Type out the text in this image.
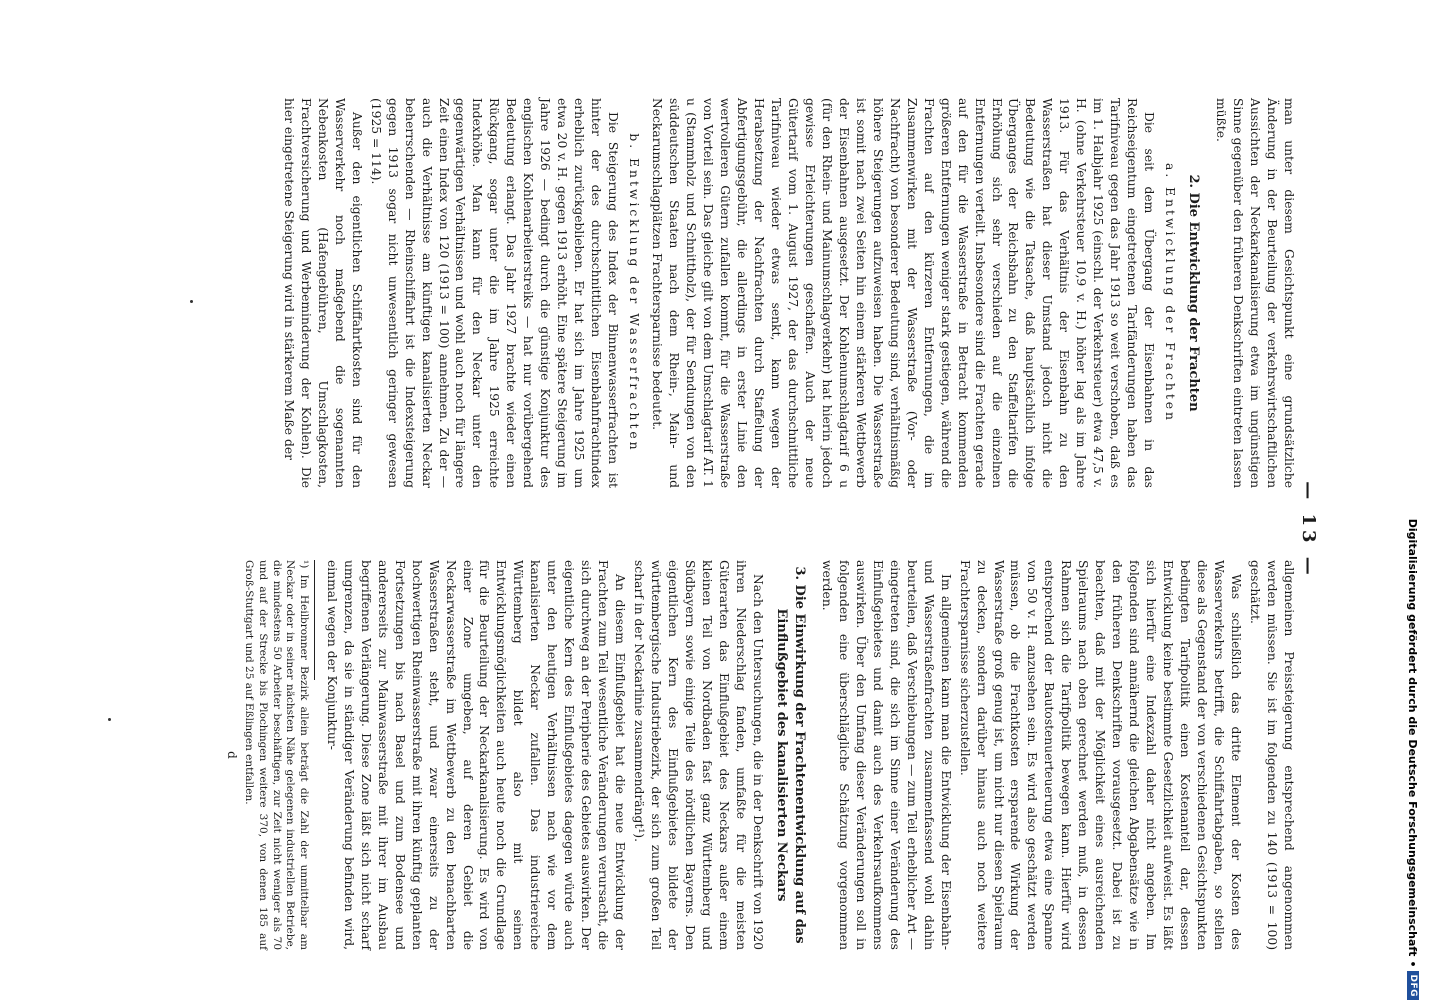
— 13 —

man unter diesem Gesichtspunkt eine grundsätzliche Änderung in der Beurteilung der verkehrswirtschaftlichen Aussichten der Neckarkanalisierung etwa im ungünstigen Sinne gegenüber den früheren Denkschriften eintreten lassen müßte.

2. Die Entwicklung der Frachten
a. Entwicklung der Frachten

Die seit dem Übergang der Eisenbahnen in das Reichseigentum eingetretenen Tarifänderungen haben das Tarifniveau gegen das Jahr 1913 so weit verschoben, daß es im 1. Halbjahr 1925 (einschl. der Verkehrsteuer) etwa 47,5 v. H. (ohne Verkehrsteuer 10,9 v. H.) höher lag als im Jahre 1913. Für das Verhältnis der Eisenbahn zu den Wasserstraßen hat dieser Umstand jedoch nicht die Bedeutung wie die Tatsache, daß hauptsächlich infolge Überganges der Reichsbahn zu den Staffeltarifen die Erhöhung sich sehr verschieden auf die einzelnen Entfernungen verteilt. Insbesondere sind die Frachten gerade auf den für die Wasserstraße in Betracht kommenden größeren Entfernungen weniger stark gestiegen, während die Frachten auf den kürzeren Entfernungen, die im Zusammenwirken mit der Wasserstraße (Vor- oder Nachfracht) von besonderer Bedeutung sind, verhältnismäßig höhere Steigerungen aufzuweisen haben. Die Wasserstraße ist somit nach zwei Seiten hin einem stärkeren Wettbewerb der Eisenbahnen ausgesetzt. Der Kohlenumschlagtarif 6 u (für den Rhein- und Mainumschlagverkehr) hat hierin jedoch gewisse Erleichterungen geschaffen. Auch der neue Gütertarif vom 1. August 1927, der das durchschnittliche Tarifniveau wieder etwas senkt, kann wegen der Herabsetzung der Nachfrachten durch Staffelung der Abfertigungsgebühr, die allerdings in erster Linie den wertvolleren Gütern zufallen kommt, für die Wasserstraße von Vorteil sein. Das gleiche gilt von dem Umschlagtarif AT. 1 u (Stammholz und Schnittholz), der für Sendungen von den süddeutschen Staaten nach dem Rhein-, Main- und Neckarumschlagplätzen Frachtersparnisse bedeutet.

b. Entwicklung der Wasserfrachten

Die Steigerung des Index der Binnenwasserfrachten ist hinter der des durchschnittlichen Eisenbahnfrachtindex erheblich zurückgeblieben. Er hat sich im Jahre 1925 um etwa 20 v. H. gegen 1913 erhöht. Eine spätere Steigerung im Jahre 1926 — bedingt durch die günstige Konjunktur des englischen Kohlenarbeiterstreiks — hat nur vorübergehend Bedeutung erlangt. Das Jahr 1927 brachte wieder einen Rückgang, sogar unter die im Jahre 1925 erreichte Indexhöhe. Man kann für den Neckar unter den gegenwärtigen Verhältnissen und wohl auch noch für längere Zeit einen Index von 120 (1913 = 100) annehmen. Zu der — auch die Verhältnisse am künftigen kanalisierten Neckar beherrschenden — Rheinschiffahrt ist die Indexsteigerung gegen 1913 sogar nicht unwesentlich geringer gewesen (1925 = 114).

Außer den eigentlichen Schiffahrtkosten sind für den Wasserverkehr noch maßgebend die sogenannten Nebenkosten (Hafengebühren, Umschlagkosten, Frachtversicherung und Werbeminderung der Kohlen). Die hier eingetretene Steigerung wird in stärkerem Maße der

allgemeinen Preissteigerung entsprechend angenommen werden müssen. Sie ist im folgenden zu 140 (1913 = 100) geschätzt.

Was schließlich das dritte Element der Kosten des Wasserverkehrs betrifft, die Schiffahrtabgaben, so stellen diese als Gegenstand der von verschiedenen Gesichtspunkten bedingten Tarifpolitik einen Kostenanteil dar, dessen Entwicklung keine bestimmte Gesetzlichkeit aufweist. Es läßt sich hierfür eine Indexzahl daher nicht angeben. Im folgenden sind annähernd die gleichen Abgabensätze wie in den früheren Denkschriften vorausgesetzt. Dabei ist zu beachten, daß mit der Möglichkeit eines ausreichenden Spielraums nach oben gerechnet werden muß, in dessen Rahmen sich die Tarifpolitik bewegen kann. Hierfür wird entsprechend der Bautostenuerteuerung etwa eine Spanne von 50 v. H. anzusehen sein. Es wird also geschätzt werden müssen, ob die Frachtkosten ersparende Wirkung der Wasserstraße groß genug ist, um nicht nur diesen Spielraum zu decken, sondern darüber hinaus auch noch weitere Frachtersparnisse sicherzustellen.

Im allgemeinen kann man die Entwicklung der Eisenbahn- und Wasserstraßenfrachten zusammenfassend wohl dahin beurteilen, daß Verschiebungen — zum Teil erheblicher Art — eingetreten sind, die sich im Sinne einer Veränderung des Einflußgebietes und damit auch des Verkehrsaufkommens auswirken. Über den Umfang dieser Veränderungen soll in folgenden eine überschlägliche Schätzung vorgenommen werden.

3. Die Einwirkung der Frachtenentwicklung auf das Einflußgebiet des kanalisierten Neckars

Nach den Untersuchungen, die in der Denkschrift von 1920 ihren Niederschlag fanden, umfaßte für die meisten Güterarten das Einflußgebiet des Neckars außer einem kleinen Teil von Nordbaden fast ganz Württemberg und Südbayern sowie einige Teile des nördlichen Bayerns. Den eigentlichen Kern des Einflußgebietes bildete der württembergische Industriebezirk, der sich zum großen Teil scharf in der Neckarlinie zusammendrängt¹).

An diesem Einflußgebiet hat die neue Entwicklung der Frachten zum Teil wesentliche Veränderungen verursacht, die sich durchweg an der Peripherie des Gebietes auswirken. Der eigentliche Kern des Einflußgebietes dagegen würde auch unter den heutigen Verhältnissen nach wie vor dem kanalisierten Neckar zufallen. Das industriereiche Württemberg bildet also mit seinen Entwicklungsmöglichkeiten auch heute noch die Grundlage für die Beurteilung der Neckarkanalisierung. Es wird von einer Zone umgeben, auf deren Gebiet die Neckarwasserstraße im Wettbewerb zu den benachbarten Wasserstraßen steht, und zwar einerseits zu der hochwertigen Rheinwasserstraße mit ihren künftig geplanten Fortsetzungen bis nach Basel und zum Bodensee und andererseits zur Mainwasserstraße mit ihrer im Ausbau begriffenen Verlängerung. Diese Zone läßt sich nicht scharf umgrenzen, da sie in ständiger Veränderung befinden wird, einmal wegen der Konjunktur-

¹) Im Heilbronner Bezirk allein beträgt die Zahl der unmittelbar am Neckar oder in seiner nächsten Nähe gelegenen industriellen Betriebe, die mindestens 50 Arbeiter beschäftigen, zur Zeit nicht weniger als 70 und auf der Strecke bis Plochingen weitere 370, von denen 185 auf Groß-Stuttgart und 25 auf Eßlingen entfallen.
d	Digitalisierung gefördert durch die Deutsche Forschungsgemeinschaft
•
DFG
